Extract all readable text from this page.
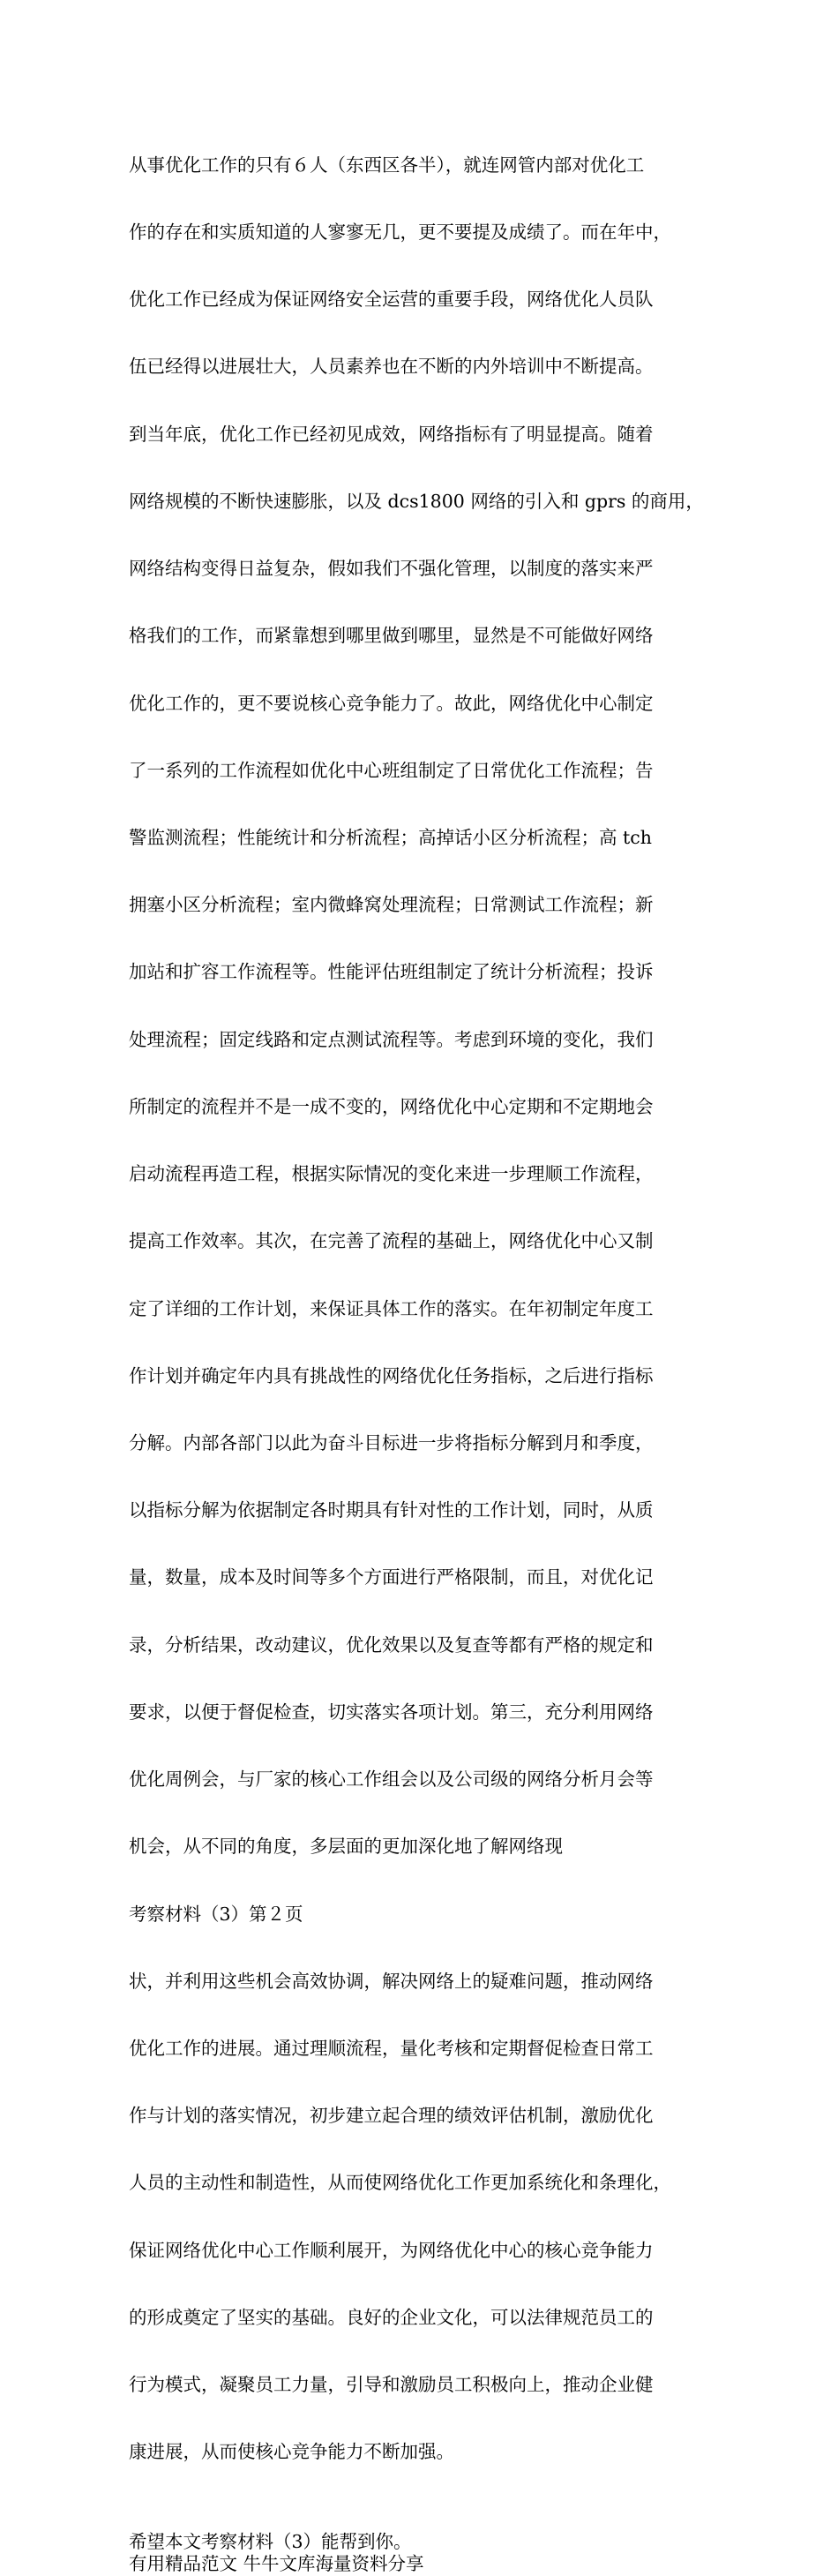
从事优化工作的只有６人（东西区各半），就连网管内部对优化工

作的存在和实质知道的人寥寥无几，更不要提及成绩了。而在年中，

优化工作已经成为保证网络安全运营的重要手段，网络优化人员队

伍已经得以进展壮大，人员素养也在不断的内外培训中不断提高。

到当年底，优化工作已经初见成效，网络指标有了明显提高。随着

网络规模的不断快速膨胀，以及 dcs1800 网络的引入和 gprs 的商用，

网络结构变得日益复杂，假如我们不强化管理，以制度的落实来严

格我们的工作，而紧靠想到哪里做到哪里，显然是不可能做好网络

优化工作的，更不要说核心竞争能力了。故此，网络优化中心制定

了一系列的工作流程如优化中心班组制定了日常优化工作流程；告

警监测流程；性能统计和分析流程；高掉话小区分析流程；高 tch

拥塞小区分析流程；室内微蜂窝处理流程；日常测试工作流程；新

加站和扩容工作流程等。性能评估班组制定了统计分析流程；投诉

处理流程；固定线路和定点测试流程等。考虑到环境的变化，我们

所制定的流程并不是一成不变的，网络优化中心定期和不定期地会

启动流程再造工程，根据实际情况的变化来进一步理顺工作流程，

提高工作效率。其次，在完善了流程的基础上，网络优化中心又制

定了详细的工作计划，来保证具体工作的落实。在年初制定年度工

作计划并确定年内具有挑战性的网络优化任务指标，之后进行指标

分解。内部各部门以此为奋斗目标进一步将指标分解到月和季度，

以指标分解为依据制定各时期具有针对性的工作计划，同时，从质

量，数量，成本及时间等多个方面进行严格限制，而且，对优化记

录，分析结果，改动建议，优化效果以及复查等都有严格的规定和

要求，以便于督促检查，切实落实各项计划。第三，充分利用网络

优化周例会，与厂家的核心工作组会以及公司级的网络分析月会等

机会，从不同的角度，多层面的更加深化地了解网络现

考察材料（3）第２页

状，并利用这些机会高效协调，解决网络上的疑难问题，推动网络

优化工作的进展。通过理顺流程，量化考核和定期督促检查日常工

作与计划的落实情况，初步建立起合理的绩效评估机制，激励优化

人员的主动性和制造性，从而使网络优化工作更加系统化和条理化，

保证网络优化中心工作顺利展开，为网络优化中心的核心竞争能力

的形成奠定了坚实的基础。良好的企业文化，可以法律规范员工的

行为模式，凝聚员工力量，引导和激励员工积极向上，推动企业健

康进展，从而使核心竞争能力不断加强。

希望本文考察材料（3）能帮到你。
有用精品范文 牛牛文库海量资料分享
